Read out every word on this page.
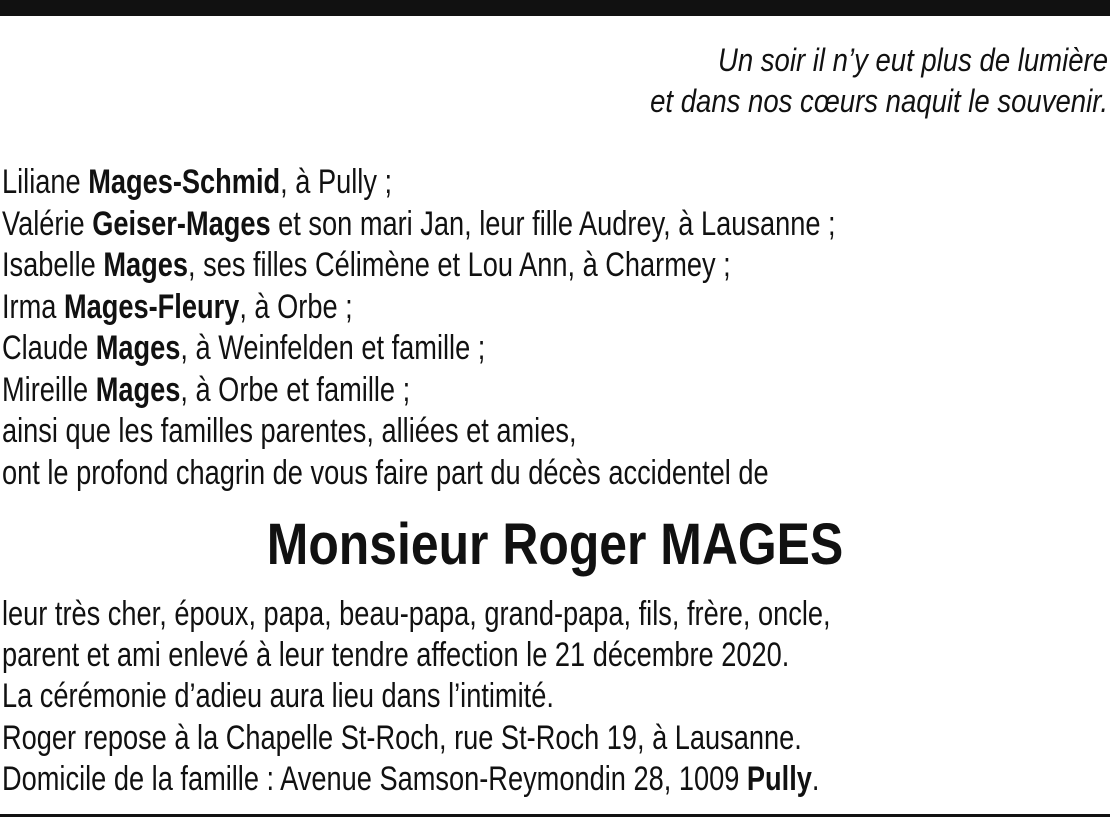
Un soir il n’y eut plus de lumière
et dans nos cœurs naquit le souvenir.
Liliane Mages-Schmid, à Pully ;
Valérie Geiser-Mages et son mari Jan, leur fille Audrey, à Lausanne ;
Isabelle Mages, ses filles Célimène et Lou Ann, à Charmey ;
Irma Mages-Fleury, à Orbe ;
Claude Mages, à Weinfelden et famille ;
Mireille Mages, à Orbe et famille ;
ainsi que les familles parentes, alliées et amies,
ont le profond chagrin de vous faire part du décès accidentel de
Monsieur Roger MAGES
leur très cher, époux, papa, beau-papa, grand-papa, fils, frère, oncle,
parent et ami enlevé à leur tendre affection le 21 décembre 2020.
La cérémonie d’adieu aura lieu dans l’intimité.
Roger repose à la Chapelle St-Roch, rue St-Roch 19, à Lausanne.
Domicile de la famille : Avenue Samson-Reymondin 28, 1009 Pully.
